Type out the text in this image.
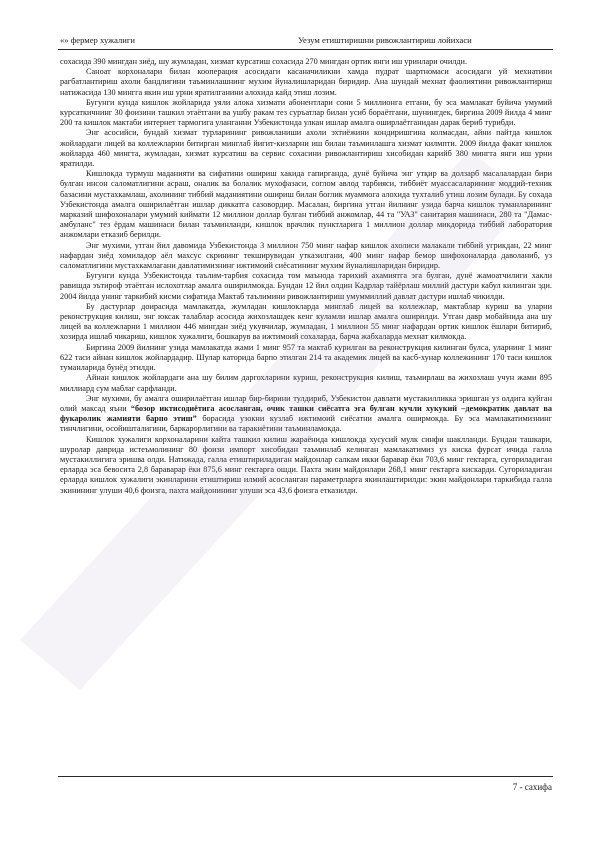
«» фермер хужалиги	Уезум етиштиришни ривожлантириш лойихаси

сохасида 390 мингдан зиёд, шу жумладан, хизмат курсатиш сохасида 270 мингдан ортик янги иш уринлари очилди.

Саноат корхоналари билан кооперация асосидаги касаначиликни хамда пудрат шартномаси асосидаги уй мехнатини рагбатлантириш ахоли бандлигини таъминлашнинг мухим йуналишларидан биридир. Ана шундай мехнат фаолиятини ривожлантириш натижасида 130 мингга якин иш урни яратилганини алохида кайд этиш лозим.

Бугунги кунда кишлок жойларида уяли алока хизмати абонентлари сони 5 миллионга етгани, бу эса мамлакат буйича умумий курсаткичнинг 30 фоизини ташкил этаётгани ва ушбу ракам тез суръатлар билан усиб бораётгани, шунингдек, биргина 2009 йилда 4 минг 200 та кишлок мактаби интернет тармогига уланганни Узбекистонда улкан ишлар амалга оширлаётганидан дарак бериб турибди.

Энг асосийси, бундай хизмат турларининг ривожланиши ахоли эхтиёжини кондиришгина колмасдан, айни пайтда кишлок жойлардаги лицей ва коллежларни битирган минглаб йигит-кизларни иш билан таъминлашга хизмат килмпти. 2009 йилда факат кишлок жойларда 460 мингта, жумладан, хизмат курсатиш ва сервис сохасини ривожлантириш хисобидан карийб 380 мингта янги иш урни яратилди.

Кишлокда турмуш маданияти ва сифатини ошириш хакида гапирганда, дунё буйича энг утқир ва долзарб масалалардан бири булган инсон саломатлигини асраш, оналик ва болалик мухофазаси, соглом авлод тарбияси, тиббиёт муассасаларининг моддий-техник базасини мустахкамлаш, ахолининг тиббий маданиятини ошириш билан боглик муаммога алохида тухталиб утиш лозим булади. Бу сохада Узбекистонда амалга оширилаётган ишлар диккатга сазовордир. Масалан, биргина утган йилнинг узида барча кишлок туманларининг марказий шифохоналари умумий киймати 12 миллион доллар булган тиббий анжомлар, 44 та "УАЗ" санитария машинаси, 280 та "Дамас-амбуланс" тез ёрдам машинаси билан таъминланди, кишлок врачлик пунктларига 1 миллион доллар микдорида тиббий лаборатория анжомлари етказиб берилди.

Энг мухими, утган йил давомида Узбекистонда 3 миллион 750 минг нафар кишлок ахолиси малакали тиббий угрикдан, 22 минг нафардан зиёд хомиладор аёл махсус скрининг текширувидан утказилгани, 400 минг нафар бемор шифохоналарда даволаниб, уз саломатлигини мустахкамлагани давлатимизнинг ижтимоий сиёсатининг мухим йуналишларидан биридир.

Бугунги кунда Узбекистонда таълим-тарбия сохасида том маънода тарихий ахамиятга эга булган, дунё жамоатчилиги хакли равишда эътироф этаётган ислохотлар амалга оширилмокда. Бундан 12 йил олдин Кадрлар тайёрлаш миллий дастури кабул килинган эди. 2004 йилда унинг таркибий кисми сифатида Мактаб таълимини ривожлантириш умуммиллий давлат дастури ишлаб чикилди.

Бу дастурлар доирасида мамлакатда, жумладан кишлокларда минглаб лицей ва коллежлар, мактаблар куриш ва уларни реконструкция килиш, энг юксак талаблар асосида жихозлашдек кенг куламли ишлар амалга оширилди. Утган давр мобайнида ана шу лицей ва коллежларни 1 миллион 446 мингдан зиёд укувчилар, жумладан, 1 миллион 55 минг нафардан ортик кишлок ёшлари битириб, хозирда ишлаб чикариш, кишлок хужалиги, бошкарув ва ижтимоий сохаларда, барча жабхаларда мехнат килмокда.

Биргина 2009 йилнинг узида мамлакатда жами 1 минг 957 та мактаб курилган ва реконструкция килинган булса, уларнинг 1 минг 622 таси айнан кишлок жойлардадир. Шулар каторида барпо этилган 214 та академик лицей ва касб-хунар коллежининг 170 таси кишлок туманларида бунёд этилди.

Айнан кишлок жойлардаги ана шу билим даргохларини куриш, реконструкция килиш, таъмирлаш ва жихозлаш учун жами 895 миллиард сум маблаг сарфланди.

Энг мухими, бу амалга оширилаётган ишлар бир-бирини тулдириб, Узбекистон давлати мустакилликка эришган уз олдига куйган олий максад яъни “бозор иктисодиётига асосланган, очик ташки сиёсатга эга булган кучли хукукий –демократик давлат ва фукаролик жамияти барпо этиш” борасида узокни кузлаб ижтимоий сиёсатни амалга оширмокда. Бу эса мамлакатимизнинг тинчлигини, осойишталигини, баркарорлигини ва таракиётини таъминламокда.

Кишлок хужалиги корхоналарини кайта ташкил килиш жараёнида кишлокда хусусий мулк синфи шаклланди. Бундан ташкари, шуролар даврида истеъмолининг 80 фоизи импорт хисобидан таъминлаб келинган мамлакатимиз уз киска фурсат ичида галла мустакиллигига эришва олди. Натижада, галла етиштириладиган майдонлар салкам икки баравар ёки 703,6 минг гектарга, сугориладиган ерларда эса бевосита 2,8 бараварар ёки 875,6 минг гектарга ошди. Пахта экин майдонлари 268,1 минг гектарга кискарди. Сугориладиган ерларда кишлок хужалиги экинларини етиштириш илмий асосланган параметрларга якинлаштирилди: экин майдонлари таркибида галла экинининг улуши 40,6 фоизга, пахта майдонининг улуши эса 43,6 фоизга етказилди.

7 - сахифа
